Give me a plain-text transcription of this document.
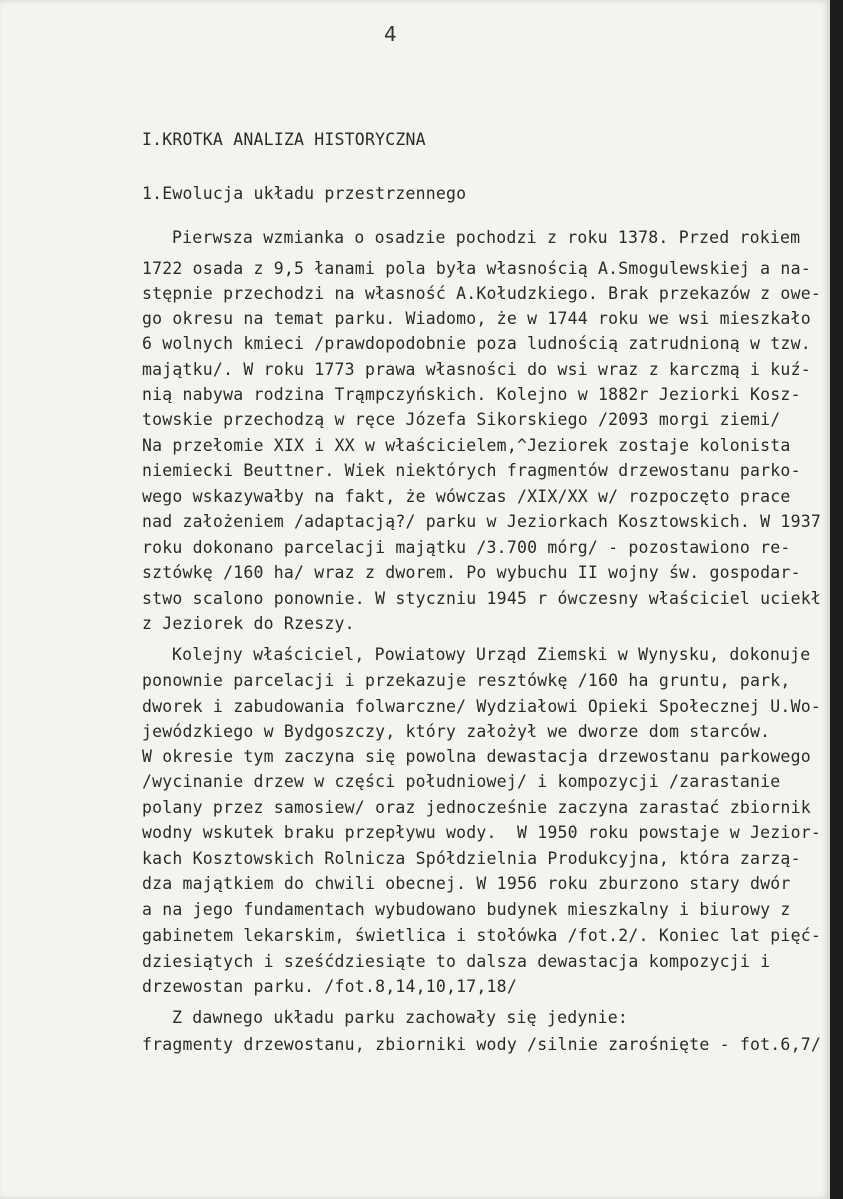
4
I.KROTKA ANALIZA HISTORYCZNA
1.Ewolucja układu przestrzennego
Pierwsza wzmianka o osadzie pochodzi z roku 1378. Przed rokiem
1722 osada z 9,5 łanami pola była własnością A.Smogulewskiej a na-
stępnie przechodzi na własność A.Kołudzkiego. Brak przekazów z owe-
go okresu na temat parku. Wiadomo, że w 1744 roku we wsi mieszkało
6 wolnych kmieci /prawdopodobnie poza ludnością zatrudnioną w tzw.
majątku/. W roku 1773 prawa własności do wsi wraz z karczmą i kuź-
nią nabywa rodzina Trąmpczyńskich. Kolejno w 1882r Jeziorki Kosz-
towskie przechodzą w ręce Józefa Sikorskiego /2093 morgi ziemi/
Na przełomie XIX i XX w właścicielem,^Jeziorek zostaje kolonista
niemiecki Beuttner. Wiek niektórych fragmentów drzewostanu parko-
wego wskazywałby na fakt, że wówczas /XIX/XX w/ rozpoczęto prace
nad założeniem /adaptacją?/ parku w Jeziorkach Kosztowskich. W 1937
roku dokonano parcelacji majątku /3.700 mórg/ - pozostawiono re-
sztówkę /160 ha/ wraz z dworem. Po wybuchu II wojny św. gospodar-
stwo scalono ponownie. W styczniu 1945 r ówczesny właściciel uciekł
z Jeziorek do Rzeszy.
Kolejny właściciel, Powiatowy Urząd Ziemski w Wynysku, dokonuje
ponownie parcelacji i przekazuje resztówkę /160 ha gruntu, park,
dworek i zabudowania folwarczne/ Wydziałowi Opieki Społecznej U.Wo-
jewódzkiego w Bydgoszczy, który założył we dworze dom starców.
W okresie tym zaczyna się powolna dewastacja drzewostanu parkowego
/wycinanie drzew w części południowej/ i kompozycji /zarastanie
polany przez samosiew/ oraz jednocześnie zaczyna zarastać zbiornik
wodny wskutek braku przepływu wody.  W 1950 roku powstaje w Jezior-
kach Kosztowskich Rolnicza Spółdzielnia Produkcyjna, która zarzą-
dza majątkiem do chwili obecnej. W 1956 roku zburzono stary dwór
a na jego fundamentach wybudowano budynek mieszkalny i biurowy z
gabinetem lekarskim, świetlica i stołówka /fot.2/. Koniec lat pięć-
dziesiątych i sześćdziesiąte to dalsza dewastacja kompozycji i
drzewostan parku. /fot.8,14,10,17,18/
Z dawnego układu parku zachowały się jedynie:
fragmenty drzewostanu, zbiorniki wody /silnie zarośnięte - fot.6,7/
